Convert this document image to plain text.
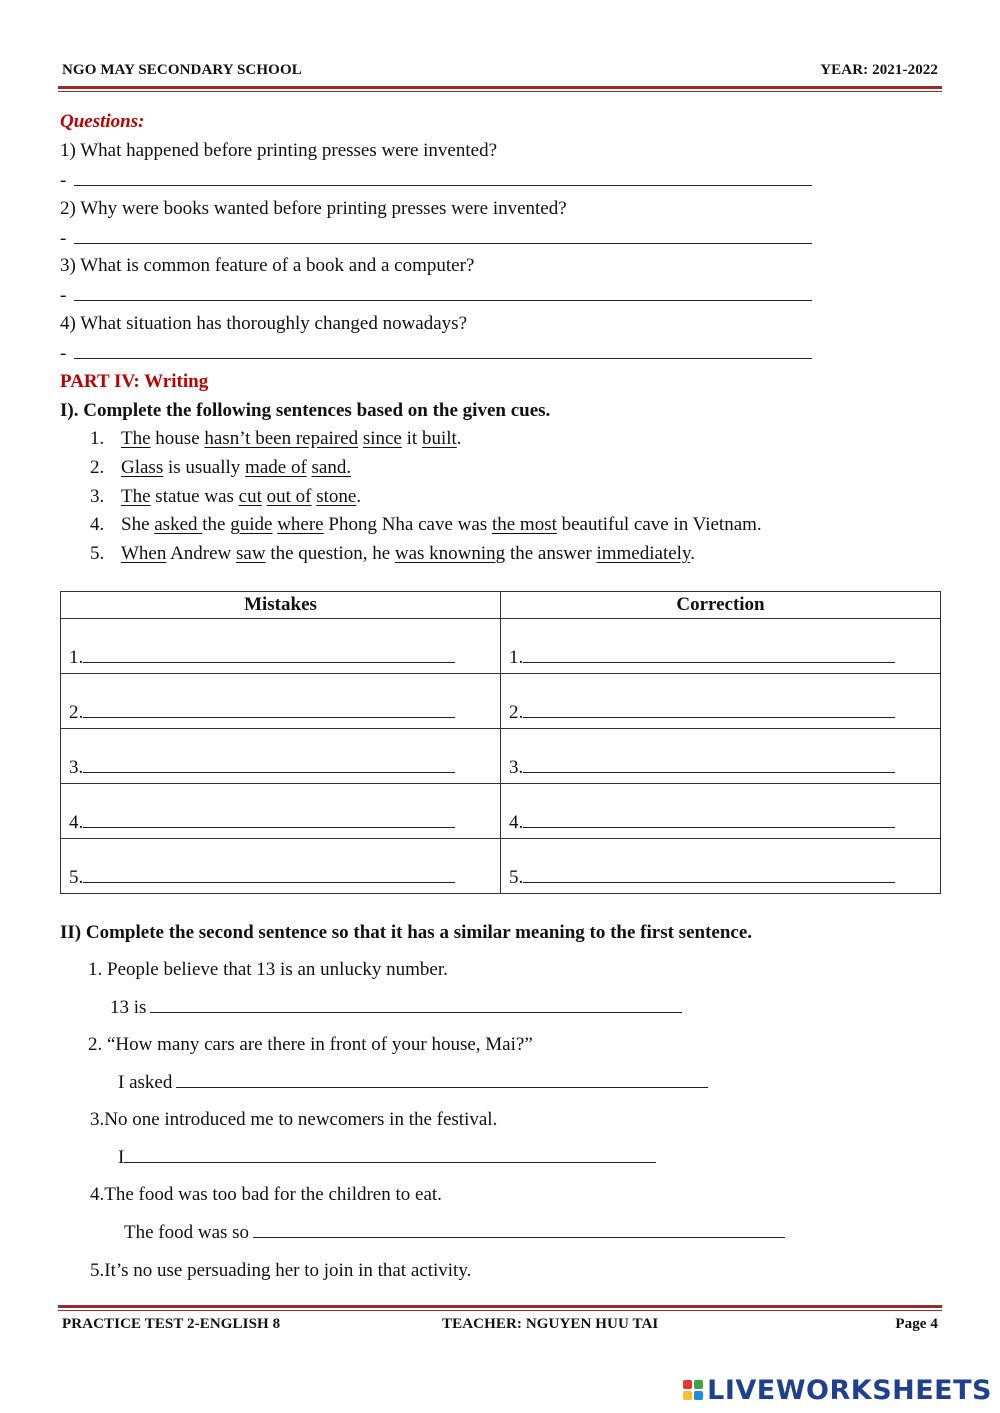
NGO MAY SECONDARY SCHOOL	YEAR: 2021-2022
Questions:
1) What happened before printing presses were invented?
-
2) Why were books wanted before printing presses were invented?
-
3) What is common feature of a book and a computer?
-
4) What situation has thoroughly changed nowadays?
-
PART IV: Writing
I). Complete the following sentences based on the given cues.
1. The house hasn’t been repaired since it built.
2. Glass is usually made of sand.
3. The statue was cut out of stone.
4. She asked the guide where Phong Nha cave was the most beautiful cave in Vietnam.
5. When Andrew saw the question, he was knowning the answer immediately.
Mistakes	Correction
1.	1.
2.	2.
3.	3.
4.	4.
5.	5.
II) Complete the second sentence so that it has a similar meaning to the first sentence.
1. People believe that 13 is an unlucky number.
13 is
2. “How many cars are there in front of your house, Mai?”
I asked
3.No one introduced me to newcomers in the festival.
I
4.The food was too bad for the children to eat.
The food was so
5.It’s no use persuading her to join in that activity.
PRACTICE TEST 2-ENGLISH 8	TEACHER: NGUYEN HUU TAI	Page 4
LIVEWORKSHEETS
